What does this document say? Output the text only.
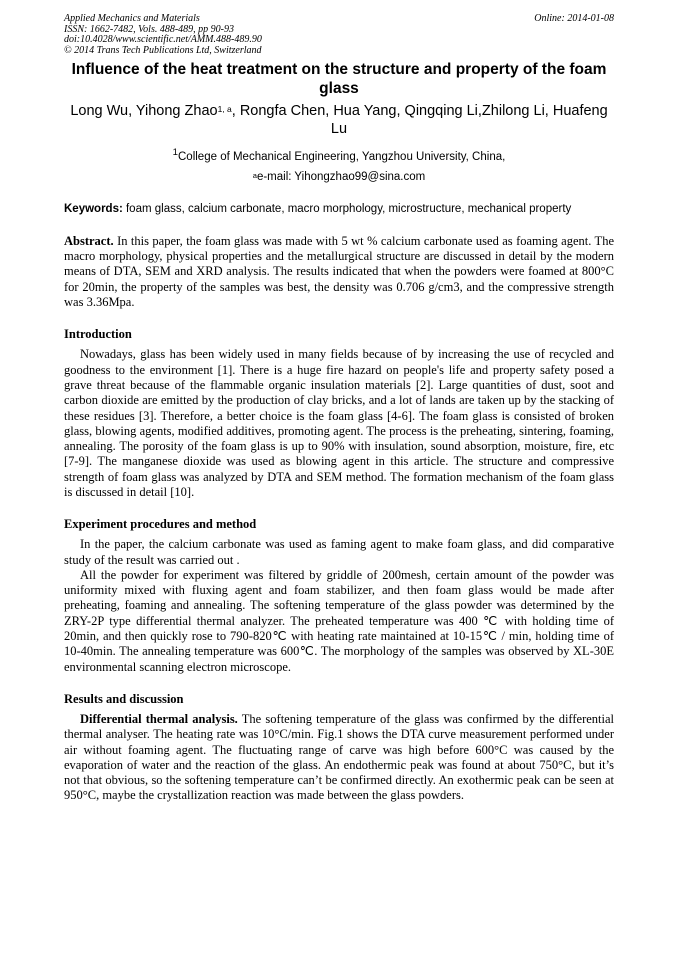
Applied Mechanics and Materials
ISSN: 1662-7482, Vols. 488-489, pp 90-93
doi:10.4028/www.scientific.net/AMM.488-489.90
© 2014 Trans Tech Publications Ltd, Switzerland
Online: 2014-01-08
Influence of the heat treatment on the structure and property of the foam glass
Long Wu, Yihong Zhao$^{1, a}$, Rongfa Chen, Hua Yang, Qingqing Li,Zhilong Li, Huafeng Lu
$^1$College of Mechanical Engineering, Yangzhou University, China,
$^a$e-mail: Yihongzhao99@sina.com
Keywords: foam glass, calcium carbonate, macro morphology, microstructure, mechanical property

Abstract. In this paper, the foam glass was made with 5 wt % calcium carbonate used as foaming agent. The macro morphology, physical properties and the metallurgical structure are discussed in detail by the modern means of DTA, SEM and XRD analysis. The results indicated that when the powders were foamed at 800°C for 20min, the property of the samples was best, the density was 0.706 g/cm3, and the compressive strength was 3.36Mpa.

Introduction

Nowadays, glass has been widely used in many fields because of by increasing the use of recycled and goodness to the environment [1]. There is a huge fire hazard on people's life and property safety posed a grave threat because of the flammable organic insulation materials [2]. Large quantities of dust, soot and carbon dioxide are emitted by the production of clay bricks, and a lot of lands are taken up by the stacking of these residues [3]. Therefore, a better choice is the foam glass [4-6]. The foam glass is consisted of broken glass, blowing agents, modified additives, promoting agent. The process is the preheating, sintering, foaming, annealing. The porosity of the foam glass is up to 90% with insulation, sound absorption, moisture, fire, etc [7-9]. The manganese dioxide was used as blowing agent in this article. The structure and compressive strength of foam glass was analyzed by DTA and SEM method. The formation mechanism of the foam glass is discussed in detail [10].

Experiment procedures and method

In the paper, the calcium carbonate was used as faming agent to make foam glass, and did comparative study of the result was carried out .

All the powder for experiment was filtered by griddle of 200mesh, certain amount of the powder was uniformity mixed with fluxing agent and foam stabilizer, and then foam glass would be made after preheating, foaming and annealing. The softening temperature of the glass powder was determined by the ZRY-2P type differential thermal analyzer. The preheated temperature was 400 ℃ with holding time of 20min, and then quickly rose to 790-820℃ with heating rate maintained at 10-15℃ / min, holding time of 10-40min. The annealing temperature was 600℃. The morphology of the samples was observed by XL-30E environmental scanning electron microscope.

Results and discussion

Differential thermal analysis. The softening temperature of the glass was confirmed by the differential thermal analyser. The heating rate was 10°C/min. Fig.1 shows the DTA curve measurement performed under air without foaming agent. The fluctuating range of carve was high before 600°C was caused by the evaporation of water and the reaction of the glass. An endothermic peak was found at about 750°C, but it’s not that obvious, so the softening temperature can’t be confirmed directly. An exothermic peak can be seen at 950°C, maybe the crystallization reaction was made between the glass powders.
